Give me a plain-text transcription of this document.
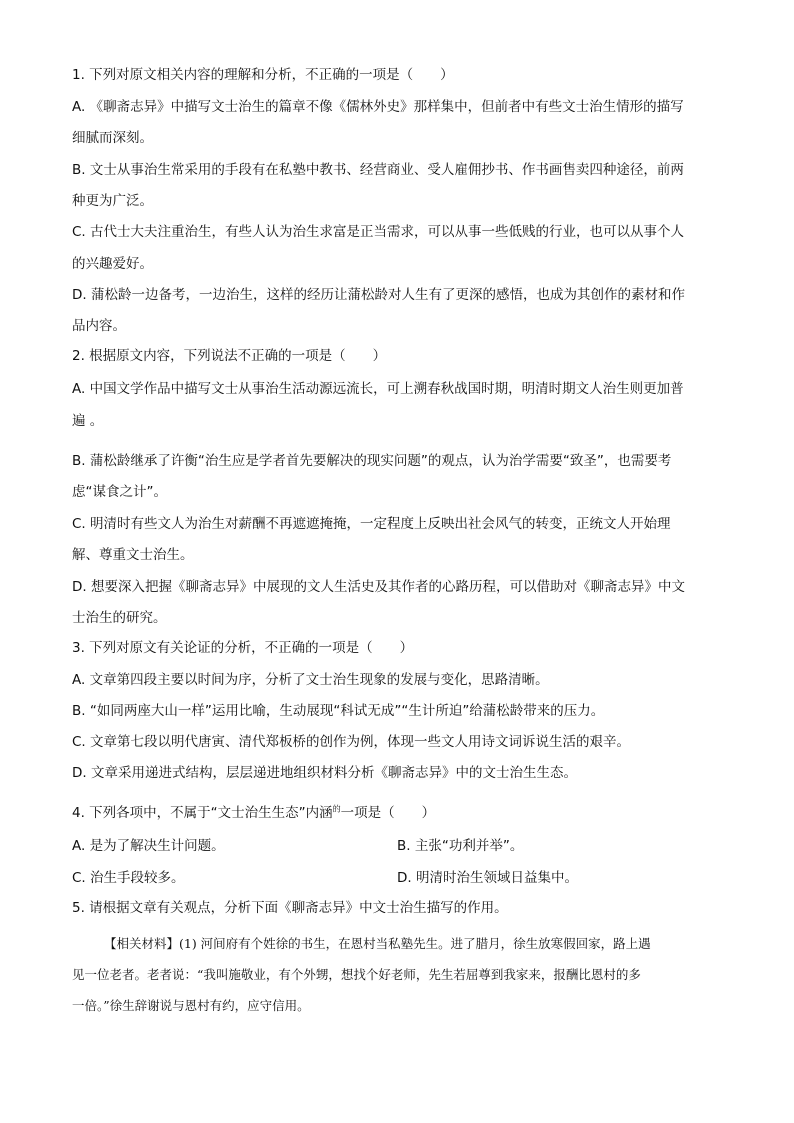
1. 下列对原文相关内容的理解和分析，不正确的一项是（　　）
A. 《聊斋志异》中描写文士治生的篇章不像《儒林外史》那样集中，但前者中有些文士治生情形的描写
细腻而深刻。
B. 文士从事治生常采用的手段有在私塾中教书、经营商业、受人雇佣抄书、作书画售卖四种途径，前两
种更为广泛。
C. 古代士大夫注重治生，有些人认为治生求富是正当需求，可以从事一些低贱的行业，也可以从事个人
的兴趣爱好。
D. 蒲松龄一边备考，一边治生，这样的经历让蒲松龄对人生有了更深的感悟，也成为其创作的素材和作
品内容。
2. 根据原文内容，下列说法不正确的一项是（　　）
A. 中国文学作品中描写文士从事治生活动源远流长，可上溯春秋战国时期，明清时期文人治生则更加普
遍 。
B. 蒲松龄继承了许衡“治生应是学者首先要解决的现实问题”的观点，认为治学需要“致圣”，也需要考
虑“谋食之计”。
C. 明清时有些文人为治生对薪酬不再遮遮掩掩，一定程度上反映出社会风气的转变，正统文人开始理
解、尊重文士治生。
D. 想要深入把握《聊斋志异》中展现的文人生活史及其作者的心路历程，可以借助对《聊斋志异》中文
士治生的研究。
3. 下列对原文有关论证的分析，不正确的一项是（　　）
A. 文章第四段主要以时间为序，分析了文士治生现象的发展与变化，思路清晰。
B. “如同两座大山一样”运用比喻，生动展现“科试无成”“生计所迫”给蒲松龄带来的压力。
C. 文章第七段以明代唐寅、清代郑板桥的创作为例，体现一些文人用诗文词诉说生活的艰辛。
D. 文章采用递进式结构，层层递进地组织材料分析《聊斋志异》中的文士治生生态。
4. 下列各项中，不属于“文士治生生态”内涵$^的$一项是（　　）
A. 是为了解决生计问题。	B. 主张“功利并举”。
C. 治生手段较多。	D. 明清时治生领域日益集中。
5. 请根据文章有关观点，分析下面《聊斋志异》中文士治生描写的作用。
【相关材料】(1) 河间府有个姓徐的书生，在恩村当私塾先生。进了腊月，徐生放寒假回家，路上遇
见一位老者。老者说：“我叫施敬业，有个外甥，想找个好老师，先生若屈尊到我家来，报酬比恩村的多
一倍。”徐生辞谢说与恩村有约，应守信用。
